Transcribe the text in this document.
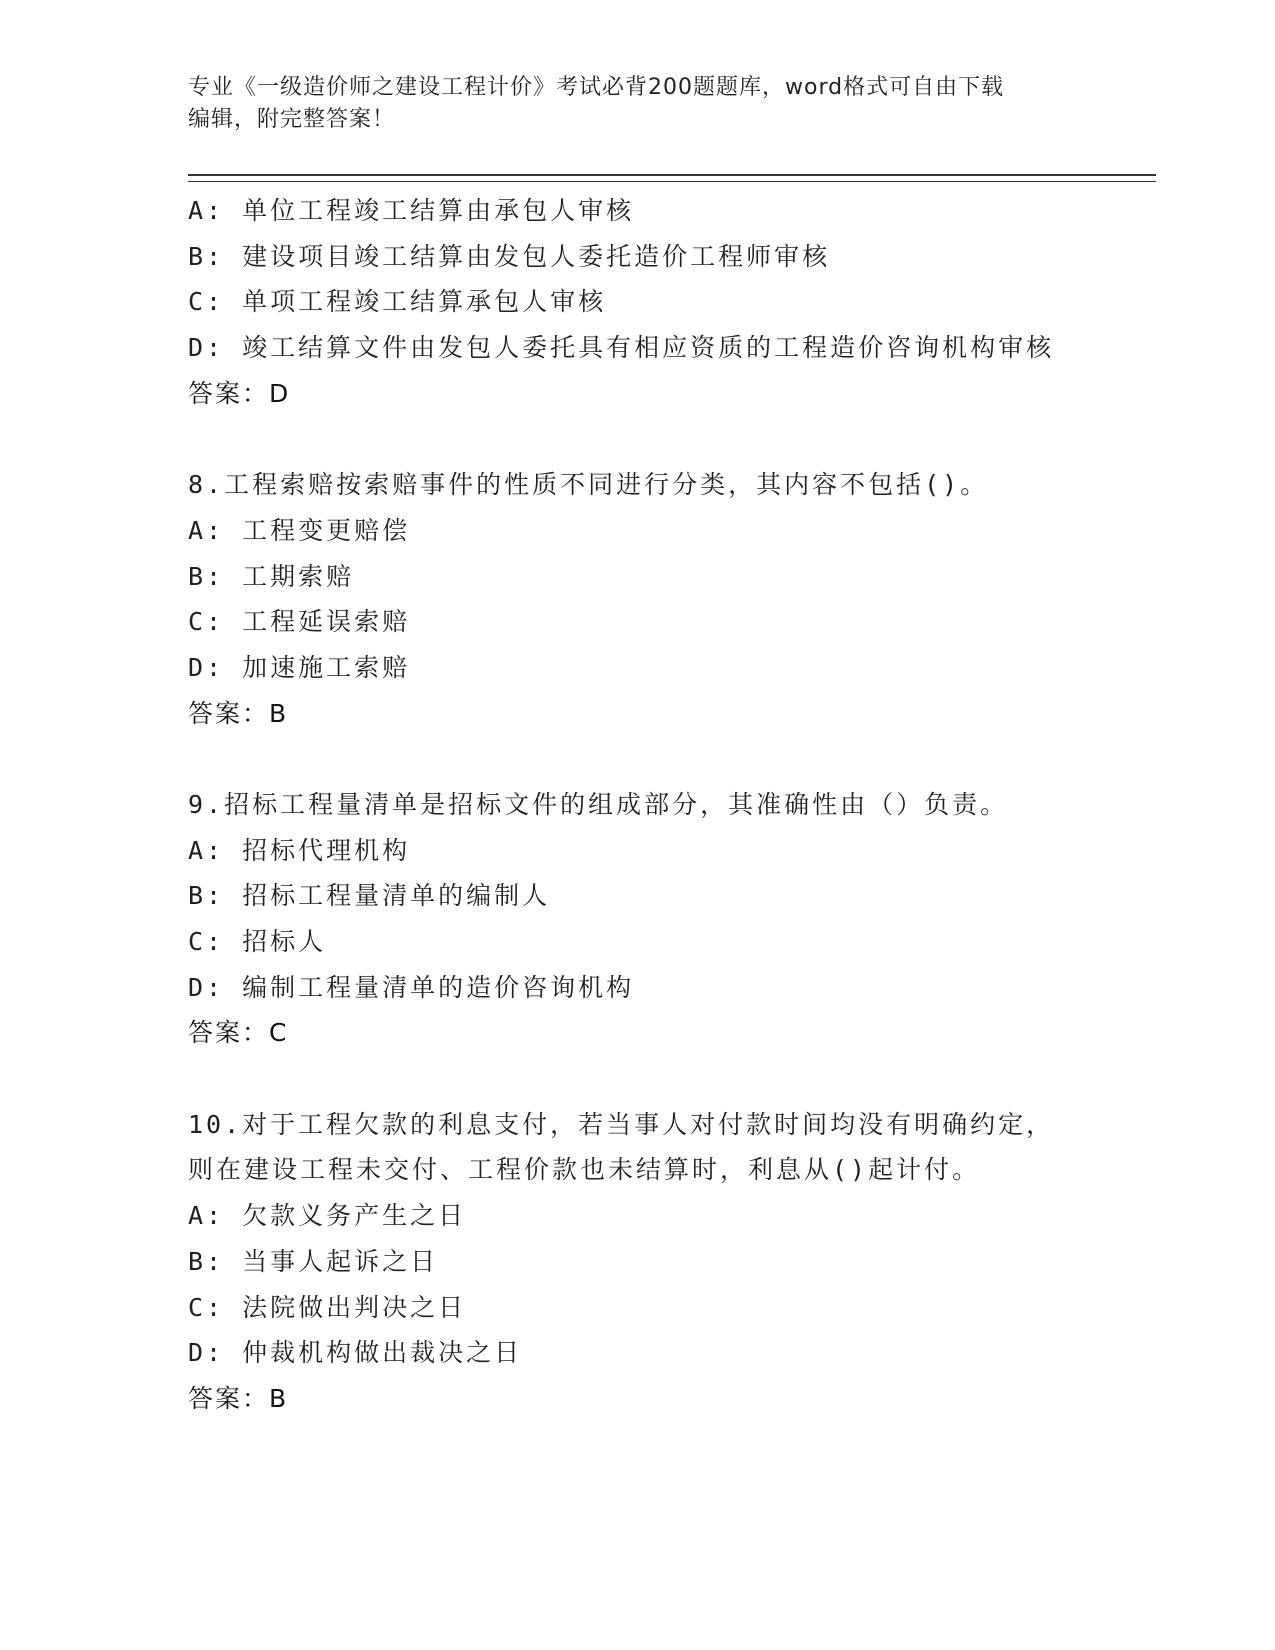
专业《一级造价师之建设工程计价》考试必背200题题库，word格式可自由下载
编辑，附完整答案！
A: 单位工程竣工结算由承包人审核
B: 建设项目竣工结算由发包人委托造价工程师审核
C: 单项工程竣工结算承包人审核
D: 竣工结算文件由发包人委托具有相应资质的工程造价咨询机构审核
答案：D
8.工程索赔按索赔事件的性质不同进行分类，其内容不包括()。
A: 工程变更赔偿
B: 工期索赔
C: 工程延误索赔
D: 加速施工索赔
答案：B
9.招标工程量清单是招标文件的组成部分，其准确性由（）负责。
A: 招标代理机构
B: 招标工程量清单的编制人
C: 招标人
D: 编制工程量清单的造价咨询机构
答案：C
10.对于工程欠款的利息支付，若当事人对付款时间均没有明确约定，
则在建设工程未交付、工程价款也未结算时，利息从()起计付。
A: 欠款义务产生之日
B: 当事人起诉之日
C: 法院做出判决之日
D: 仲裁机构做出裁决之日
答案：B
